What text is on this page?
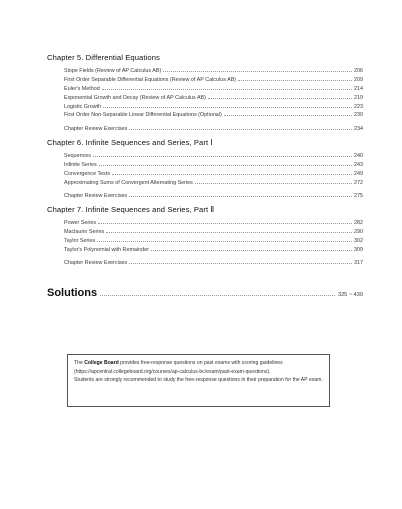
Chapter 5. Differential Equations
Slope Fields (Review of AP Calculus AB)	206
First Order Separable Differential Equations (Review of AP Calculus AB)	209
Euler's Method	214
Exponential Growth and Decay (Review of AP Calculus AB)	219
Logistic Growth	223
First Order Non-Separable Linear Differential Equations (Optional)	230
Chapter Review Exercises	234
Chapter 6. Infinite Sequences and Series, Part Ⅰ
Sequences	240
Infinite Series	243
Convergence Tests	249
Approximating Sums of Convergent Alternating Series	272
Chapter Review Exercises	275
Chapter 7. Infinite Sequences and Series, Part Ⅱ
Power Series	282
Maclaurin Series	290
Taylor Series	302
Taylor's Polynomial with Remainder	309
Chapter Review Exercises	317
Solutions	325 ~ 430

The College Board provides free-response questions on past exams with scoring guidelines

(https://apcentral.collegeboard.org/courses/ap-calculus-bc/exam/past-exam-questions).

Students are strongly recommended to study the free-response questions in their preparation for the AP exam.
